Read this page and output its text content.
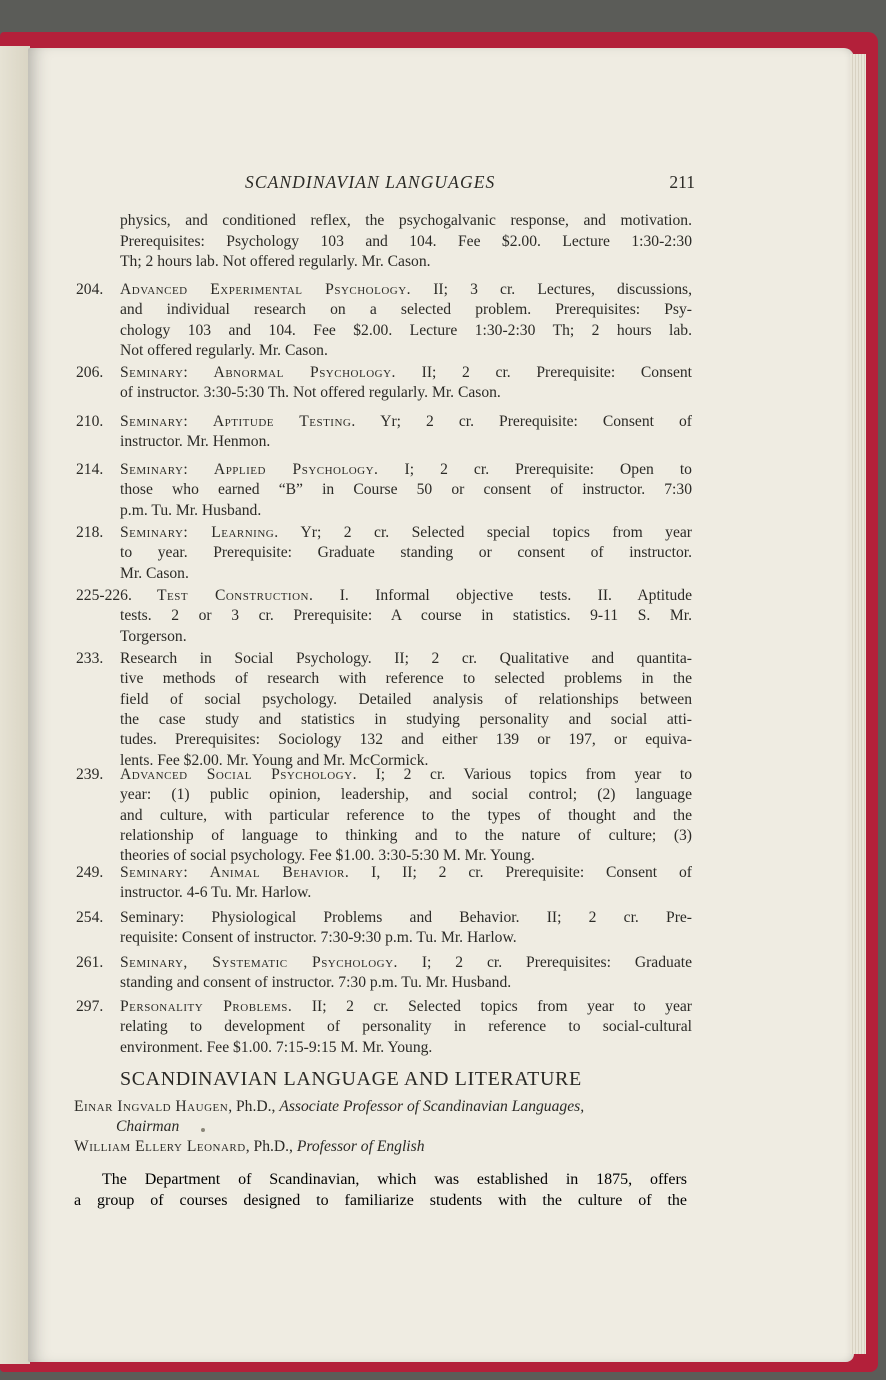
SCANDINAVIAN LANGUAGES	211
physics, and conditioned reflex, the psychogalvanic response, and motivation.
Prerequisites: Psychology 103 and 104. Fee $2.00. Lecture 1:30-2:30
Th; 2 hours lab. Not offered regularly. Mr. Cason.
204. Advanced Experimental Psychology. II; 3 cr. Lectures, discussions,
and individual research on a selected problem. Prerequisites: Psy-
chology 103 and 104. Fee $2.00. Lecture 1:30-2:30 Th; 2 hours lab.
Not offered regularly. Mr. Cason.
206. Seminary: Abnormal Psychology. II; 2 cr. Prerequisite: Consent
of instructor. 3:30-5:30 Th. Not offered regularly. Mr. Cason.
210. Seminary: Aptitude Testing. Yr; 2 cr. Prerequisite: Consent of
instructor. Mr. Henmon.
214. Seminary: Applied Psychology. I; 2 cr. Prerequisite: Open to
those who earned “B” in Course 50 or consent of instructor. 7:30
p.m. Tu. Mr. Husband.
218. Seminary: Learning. Yr; 2 cr. Selected special topics from year
to year. Prerequisite: Graduate standing or consent of instructor.
Mr. Cason.
225-226. Test Construction. I. Informal objective tests. II. Aptitude
tests. 2 or 3 cr. Prerequisite: A course in statistics. 9-11 S. Mr.
Torgerson.
233. Research in Social Psychology. II; 2 cr. Qualitative and quantita-
tive methods of research with reference to selected problems in the
field of social psychology. Detailed analysis of relationships between
the case study and statistics in studying personality and social atti-
tudes. Prerequisites: Sociology 132 and either 139 or 197, or equiva-
lents. Fee $2.00. Mr. Young and Mr. McCormick.
239. Advanced Social Psychology. I; 2 cr. Various topics from year to
year: (1) public opinion, leadership, and social control; (2) language
and culture, with particular reference to the types of thought and the
relationship of language to thinking and to the nature of culture; (3)
theories of social psychology. Fee $1.00. 3:30-5:30 M. Mr. Young.
249. Seminary: Animal Behavior. I, II; 2 cr. Prerequisite: Consent of
instructor. 4-6 Tu. Mr. Harlow.
254. Seminary: Physiological Problems and Behavior. II; 2 cr. Pre-
requisite: Consent of instructor. 7:30-9:30 p.m. Tu. Mr. Harlow.
261. Seminary, Systematic Psychology. I; 2 cr. Prerequisites: Graduate
standing and consent of instructor. 7:30 p.m. Tu. Mr. Husband.
297. Personality Problems. II; 2 cr. Selected topics from year to year
relating to development of personality in reference to social-cultural
environment. Fee $1.00. 7:15-9:15 M. Mr. Young.
SCANDINAVIAN LANGUAGE AND LITERATURE
Einar Ingvald Haugen, Ph.D., Associate Professor of Scandinavian Languages,
Chairman
William Ellery Leonard, Ph.D., Professor of English
The Department of Scandinavian, which was established in 1875, offers
a group of courses designed to familiarize students with the culture of the
